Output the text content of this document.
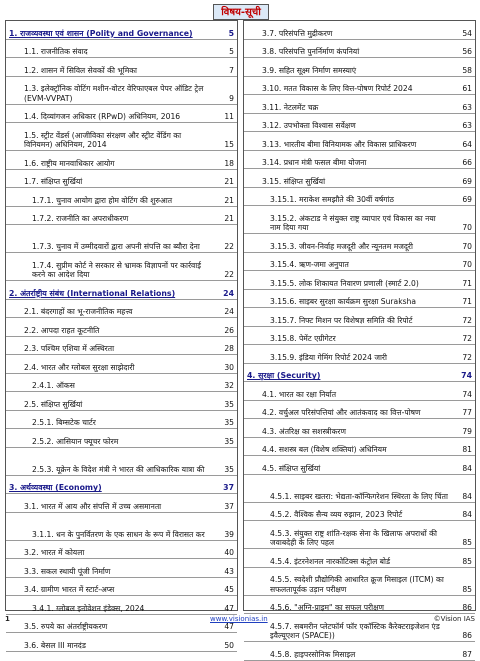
विषय-सूची
1. राजव्यवस्था एवं शासन (Polity and Governance)	5
1.1. राजनीतिक संवाद	5
1.2. शासन में सिविल सेवकों की भूमिका	7
1.3. इलेक्ट्रॉनिक वोटिंग मशीन-वोटर वेरिफाएबल पेपर ऑडिट ट्रेल (EVM-VVPAT)	9
1.4. दिव्यांगजन अधिकार (RPwD) अधिनियम, 2016	11
1.5. स्ट्रीट वेंडर्स (आजीविका संरक्षण और स्ट्रीट वेंडिंग का विनियमन) अधिनियम, 2014	15
1.6. राष्ट्रीय मानवाधिकार आयोग	18
1.7. संक्षिप्त सुर्खियां	21
1.7.1. चुनाव आयोग द्वारा होम वोटिंग की शुरुआत	21
1.7.2. राजनीति का अपराधीकरण	21
1.7.3. चुनाव में उम्मीदवारों द्वारा अपनी संपत्ति का ब्यौरा देना	22
1.7.4. सुप्रीम कोर्ट ने सरकार से भ्रामक विज्ञापनों पर कार्रवाई करने का आदेश दिया	22
2. अंतर्राष्ट्रीय संबंध (International Relations)	24
2.1. बंदरगाहों का भू-राजनीतिक महत्त्व	24
2.2. आपदा राहत कूटनीति	26
2.3. पश्चिम एशिया में अस्थिरता	28
2.4. भारत और ग्लोबल सुरक्षा साझेदारी	30
2.4.1. ऑकस	32
2.5. संक्षिप्त सुर्खियां	35
2.5.1. बिम्सटेक चार्टर	35
2.5.2. आसियान फ्यूचर फोरम	35
2.5.3. यूक्रेन के विदेश मंत्री ने भारत की आधिकारिक यात्रा की	35
3. अर्थव्यवस्था (Economy)	37
3.1. भारत में आय और संपत्ति में उच्च असमानता	37
3.1.1. धन के पुनर्वितरण के एक साधन के रूप में विरासत कर	39
3.2. भारत में कोयला	40
3.3. सकल स्थायी पूंजी निर्माण	43
3.4. ग्रामीण भारत में स्टार्ट-अप्स	45
3.4.1. ग्लोबल इनोवेशन इंडेक्स, 2024	47
3.5. रुपये का अंतर्राष्ट्रीयकरण	47
3.6. बेसल III मानदंड	50
3.7. परिसंपत्ति मुद्रीकरण	54
3.8. परिसंपत्ति पुनर्निर्माण कंपनियां	56
3.9. सहित सूक्ष्म निर्माण समस्याएं	58
3.10. मतत विकास के लिए वित्त-पोषण रिपोर्ट 2024	61
3.11. नेटलमेंट चक्र	63
3.12. उपभोक्ता विश्वास सर्वेक्षण	63
3.13. भारतीय बीमा विनियामक और विकास प्राधिकरण	64
3.14. प्रधान मंत्री फसल बीमा योजना	66
3.15. संक्षिप्त सुर्खियां	69
3.15.1. मराकेश समझौते की 30वीं वर्षगांठ	69
3.15.2. अंकटाड ने संयुक्त राष्ट्र व्यापार एवं विकास का नया नाम दिया गया	70
3.15.3. जीवन-निर्वाह मजदूरी और न्यूनतम मजदूरी	70
3.15.4. ऋण-जमा अनुपात	70
3.15.5. लोक शिकायत निवारण प्रणाली (स्मार्ट 2.0)	71
3.15.6. साइबर सुरक्षा कार्यक्रम सुरक्षा Suraksha	71
3.15.7. निफ्ट मिशन पर विशेषज्ञ समिति की रिपोर्ट	72
3.15.8. पेमेंट एग्रीगेटर	72
3.15.9. इंडिया गेमिंग रिपोर्ट 2024 जारी	72
4. सुरक्षा (Security)	74
4.1. भारत का रक्षा निर्यात	74
4.2. वर्चुअल परिसंपत्तियां और आतंकवाद का वित्त-पोषण	77
4.3. अंतरिक्ष का सशस्त्रीकरण	79
4.4. सशस्त्र बल (विशेष शक्तियां) अधिनियम	81
4.5. संक्षिप्त सुर्खियां	84
4.5.1. साइबर खतरा: भेद्यता-कॉन्फिगरेशन स्थिरता के लिए चिंता	84
4.5.2. वैश्विक सैन्य व्यय रुझान, 2023 रिपोर्ट	84
4.5.3. संयुक्त राष्ट्र शांति-रक्षक सेना के खिलाफ अपराधों की जवाबदेही के लिए पहल	85
4.5.4. इंटरनेशनल नारकोटिक्स कंट्रोल बोर्ड	85
4.5.5. स्वदेशी प्रौद्योगिकी आधारित क्रूज मिसाइल (ITCM) का सफलतापूर्वक उड़ान परीक्षण	85
4.5.6. "अग्नि-प्राइम" का सफल परीक्षण	86
4.5.7. सबमरीन प्लेटफॉर्म फॉर एकॉस्टिक कैरेक्टराइजेशन एंड इवैल्यूएशन (SPACE))	86
4.5.8. हाइपरसोनिक मिसाइल	87
1	www.visionias.in	©Vision IAS
